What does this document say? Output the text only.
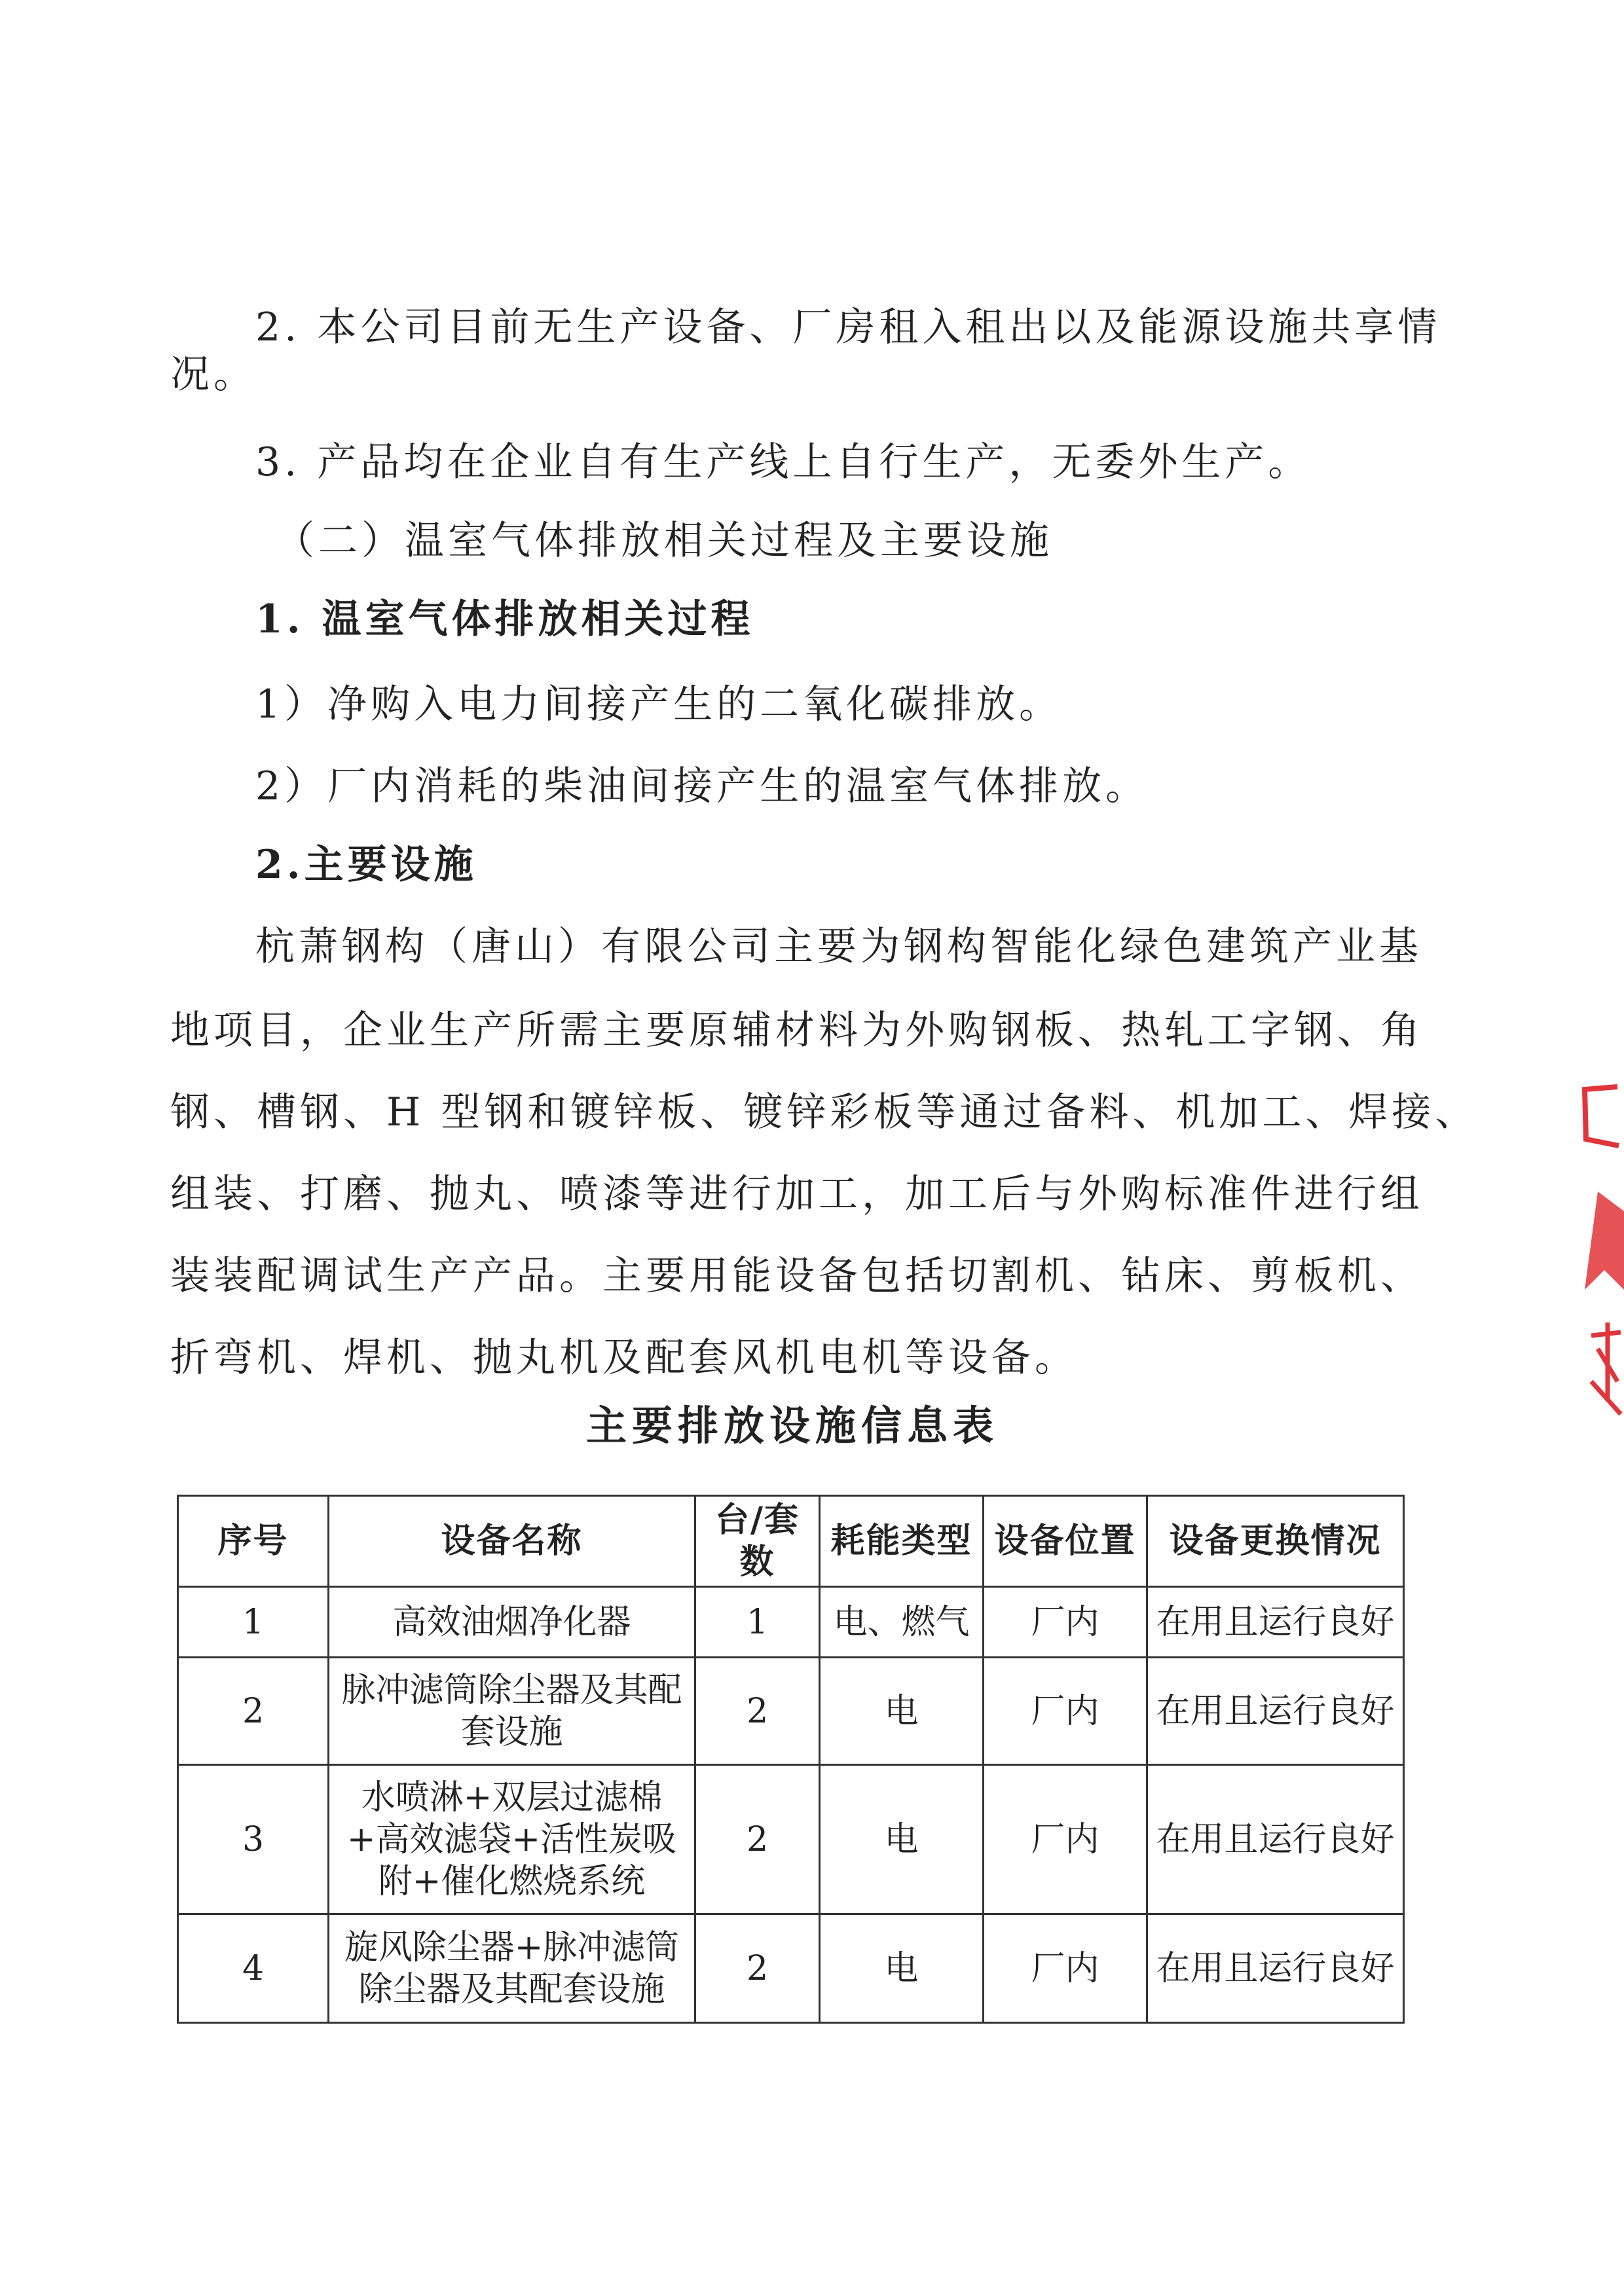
2. 本公司目前无生产设备、厂房租入租出以及能源设施共享情
况。
3. 产品均在企业自有生产线上自行生产，无委外生产。
（二）温室气体排放相关过程及主要设施
1. 温室气体排放相关过程
1）净购入电力间接产生的二氧化碳排放。
2）厂内消耗的柴油间接产生的温室气体排放。
2.主要设施
杭萧钢构（唐山）有限公司主要为钢构智能化绿色建筑产业基
地项目，企业生产所需主要原辅材料为外购钢板、热轧工字钢、角
钢、槽钢、H 型钢和镀锌板、镀锌彩板等通过备料、机加工、焊接、
组装、打磨、抛丸、喷漆等进行加工，加工后与外购标准件进行组
装装配调试生产产品。主要用能设备包括切割机、钻床、剪板机、
折弯机、焊机、抛丸机及配套风机电机等设备。
主要排放设施信息表
序号	设备名称	台/套数	耗能类型	设备位置	设备更换情况
1	高效油烟净化器	1	电、燃气	厂内	在用且运行良好
2	脉冲滤筒除尘器及其配套设施	2	电	厂内	在用且运行良好
3	水喷淋+双层过滤棉+高效滤袋+活性炭吸附+催化燃烧系统	2	电	厂内	在用且运行良好
4	旋风除尘器+脉冲滤筒除尘器及其配套设施	2	电	厂内	在用且运行良好
